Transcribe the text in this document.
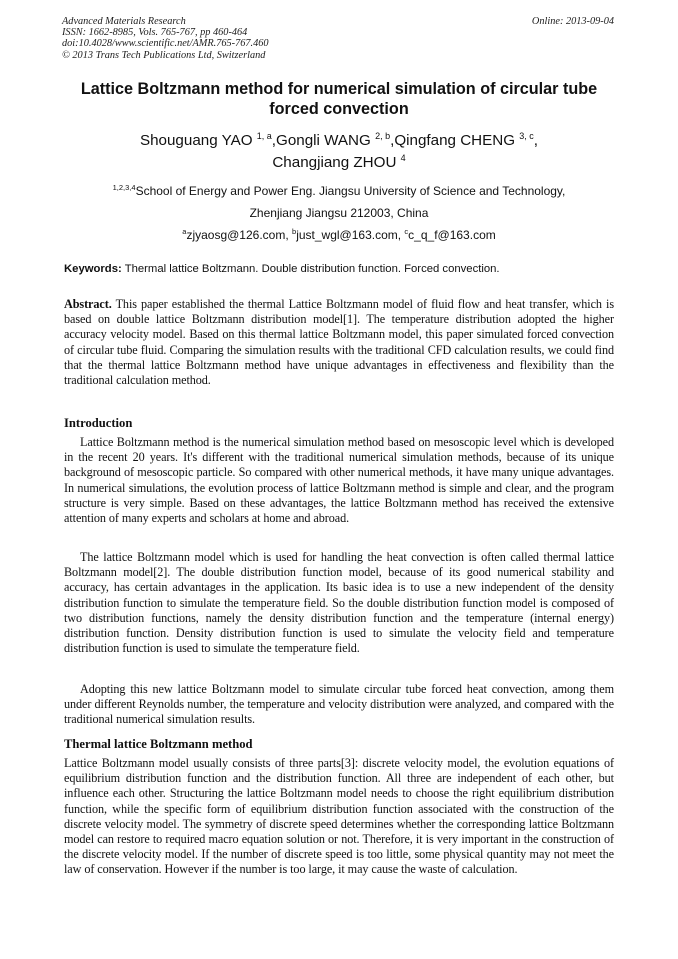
Advanced Materials Research
ISSN: 1662-8985, Vols. 765-767, pp 460-464
doi:10.4028/www.scientific.net/AMR.765-767.460
© 2013 Trans Tech Publications Ltd, Switzerland
Online: 2013-09-04
Lattice Boltzmann method for numerical simulation of circular tube forced convection
Shouguang YAO $^{1, a}$,Gongli WANG $^{2, b}$,Qingfang CHENG $^{3, c}$,
Changjiang ZHOU $^4$
$^{1,2,3,4}$School of Energy and Power Eng. Jiangsu University of Science and Technology,
Zhenjiang Jiangsu 212003, China
$^a$zjyaosg@126.com, $^b$just_wgl@163.com, $^c$c_q_f@163.com
Keywords: Thermal lattice Boltzmann. Double distribution function. Forced convection.
Abstract. This paper established the thermal Lattice Boltzmann model of fluid flow and heat transfer, which is based on double lattice Boltzmann distribution model[1]. The temperature distribution adopted the higher accuracy velocity model. Based on this thermal lattice Boltzmann model, this paper simulated forced convection of circular tube fluid. Comparing the simulation results with the traditional CFD calculation results, we could find that the thermal lattice Boltzmann method have unique advantages in effectiveness and flexibility than the traditional calculation method.
Introduction
Lattice Boltzmann method is the numerical simulation method based on mesoscopic level which is developed in the recent 20 years. It's different with the traditional numerical simulation methods, because of its unique background of mesoscopic particle. So compared with other numerical methods, it have many unique advantages. In numerical simulations, the evolution process of lattice Boltzmann method is simple and clear, and the program structure is very simple. Based on these advantages, the lattice Boltzmann method has received the extensive attention of many experts and scholars at home and abroad.
The lattice Boltzmann model which is used for handling the heat convection is often called thermal lattice Boltzmann model[2]. The double distribution function model, because of its good numerical stability and accuracy, has certain advantages in the application. Its basic idea is to use a new independent of the density distribution function to simulate the temperature field. So the double distribution function model is composed of two distribution functions, namely the density distribution function and the temperature (internal energy) distribution function. Density distribution function is used to simulate the velocity field and temperature distribution function is used to simulate the temperature field.
Adopting this new lattice Boltzmann model to simulate circular tube forced heat convection, among them under different Reynolds number, the temperature and velocity distribution were analyzed, and compared with the traditional numerical simulation results.
Thermal lattice Boltzmann method
Lattice Boltzmann model usually consists of three parts[3]: discrete velocity model, the evolution equations of equilibrium distribution function and the distribution function. All three are independent of each other, but influence each other. Structuring the lattice Boltzmann model needs to choose the right equilibrium distribution function, while the specific form of equilibrium distribution function associated with the construction of the discrete velocity model. The symmetry of discrete speed determines whether the corresponding lattice Boltzmann model can restore to required macro equation solution or not. Therefore, it is very important in the construction of the discrete velocity model. If the number of discrete speed is too little, some physical quantity may not meet the law of conservation. However if the number is too large, it may cause the waste of calculation.
